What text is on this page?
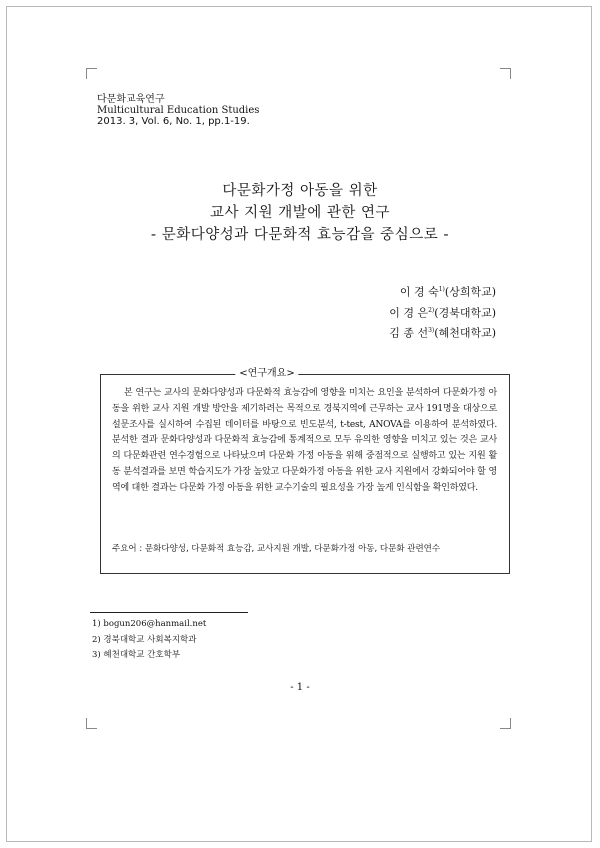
다문화교육연구
Multicultural Education Studies
2013. 3, Vol. 6, No. 1, pp.1-19.
다문화가정 아동을 위한
교사 지원 개발에 관한 연구
- 문화다양성과 다문화적 효능감을 중심으로 -
이 경 숙$^{1)}$(상희학교)
이 경 은$^{2)}$(경북대학교)
김 종 선$^{3)}$(혜천대학교)
<연구개요>
본 연구는 교사의 문화다양성과 다문화적 효능감에 영향을 미치는 요인을 분석하여 다문화가정 아동을 위한 교사 지원 개발 방안을 제기하려는 목적으로 경북지역에 근무하는 교사 191명을 대상으로 설문조사를 실시하여 수집된 데이터를 바탕으로 빈도분석, t-test, ANOVA를 이용하여 분석하였다. 분석한 결과 문화다양성과 다문화적 효능감에 통계적으로 모두 유의한 영향을 미치고 있는 것은 교사의 다문화관련 연수경험으로 나타났으며 다문화 가정 아동을 위해 중점적으로 실행하고 있는 지원 활동 분석결과를 보면 학습지도가 가장 높았고 다문화가정 아동을 위한 교사 지원에서 강화되어야 할 영역에 대한 결과는 다문화 가정 아동을 위한 교수기술의 필요성을 가장 높게 인식함을 확인하였다.
주요어 : 문화다양성, 다문화적 효능감, 교사지원 개발, 다문화가정 아동, 다문화 관련연수
1) bogun206@hanmail.net
2) 경북대학교 사회복지학과
3) 혜천대학교 간호학부
- 1 -
